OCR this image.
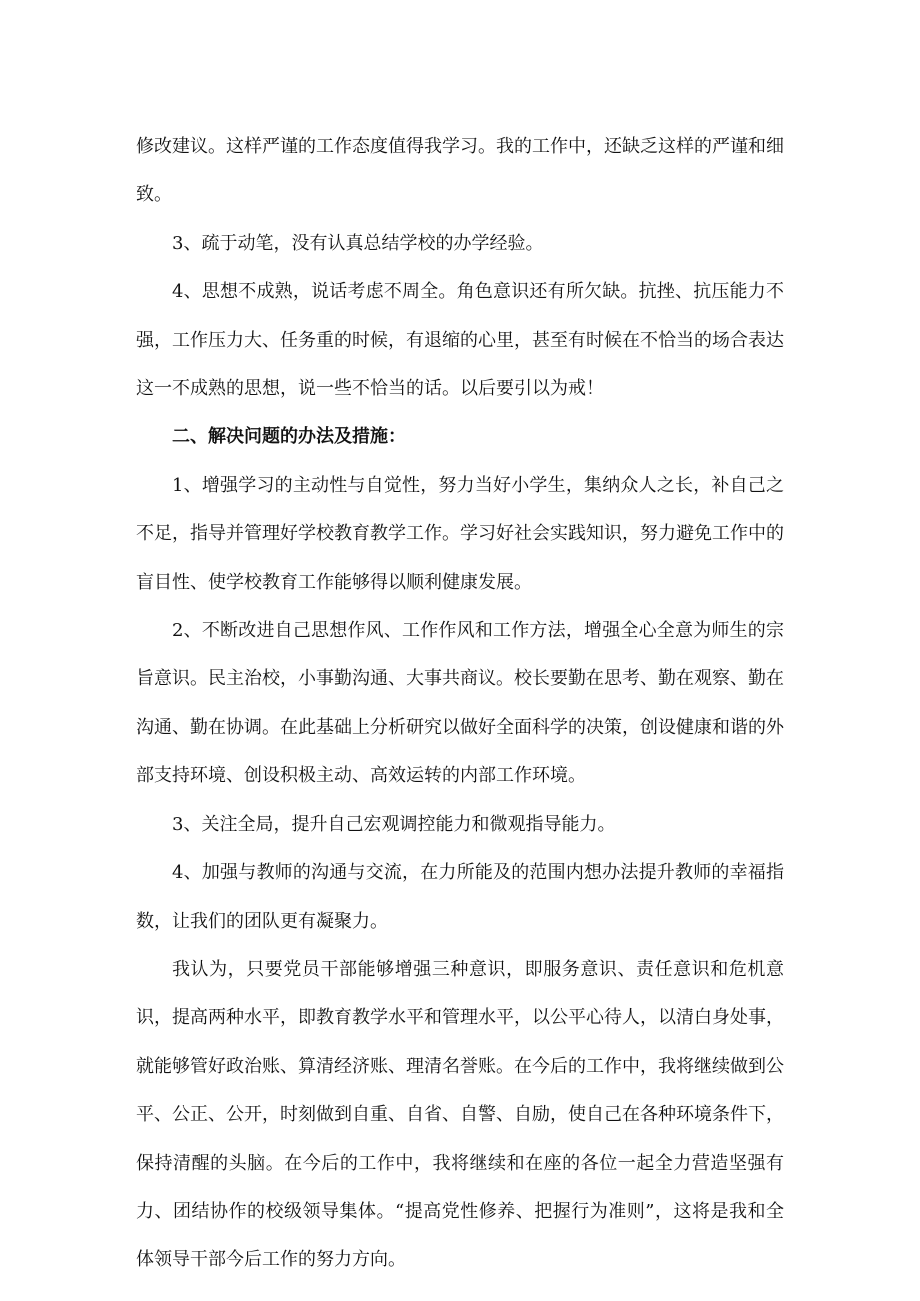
修改建议。这样严谨的工作态度值得我学习。我的工作中，还缺乏这样的严谨和细致。

3、疏于动笔，没有认真总结学校的办学经验。

4、思想不成熟，说话考虑不周全。角色意识还有所欠缺。抗挫、抗压能力不强，工作压力大、任务重的时候，有退缩的心里，甚至有时候在不恰当的场合表达这一不成熟的思想，说一些不恰当的话。以后要引以为戒！

二、解决问题的办法及措施：

1、增强学习的主动性与自觉性，努力当好小学生，集纳众人之长，补自己之不足，指导并管理好学校教育教学工作。学习好社会实践知识，努力避免工作中的盲目性、使学校教育工作能够得以顺利健康发展。

2、不断改进自己思想作风、工作作风和工作方法，增强全心全意为师生的宗旨意识。民主治校，小事勤沟通、大事共商议。校长要勤在思考、勤在观察、勤在沟通、勤在协调。在此基础上分析研究以做好全面科学的决策，创设健康和谐的外部支持环境、创设积极主动、高效运转的内部工作环境。

3、关注全局，提升自己宏观调控能力和微观指导能力。

4、加强与教师的沟通与交流，在力所能及的范围内想办法提升教师的幸福指数，让我们的团队更有凝聚力。

我认为，只要党员干部能够增强三种意识，即服务意识、责任意识和危机意识，提高两种水平，即教育教学水平和管理水平，以公平心待人，以清白身处事，就能够管好政治账、算清经济账、理清名誉账。在今后的工作中，我将继续做到公平、公正、公开，时刻做到自重、自省、自警、自励，使自己在各种环境条件下，保持清醒的头脑。在今后的工作中，我将继续和在座的各位一起全力营造坚强有力、团结协作的校级领导集体。“提高党性修养、把握行为准则”，这将是我和全体领导干部今后工作的努力方向。
